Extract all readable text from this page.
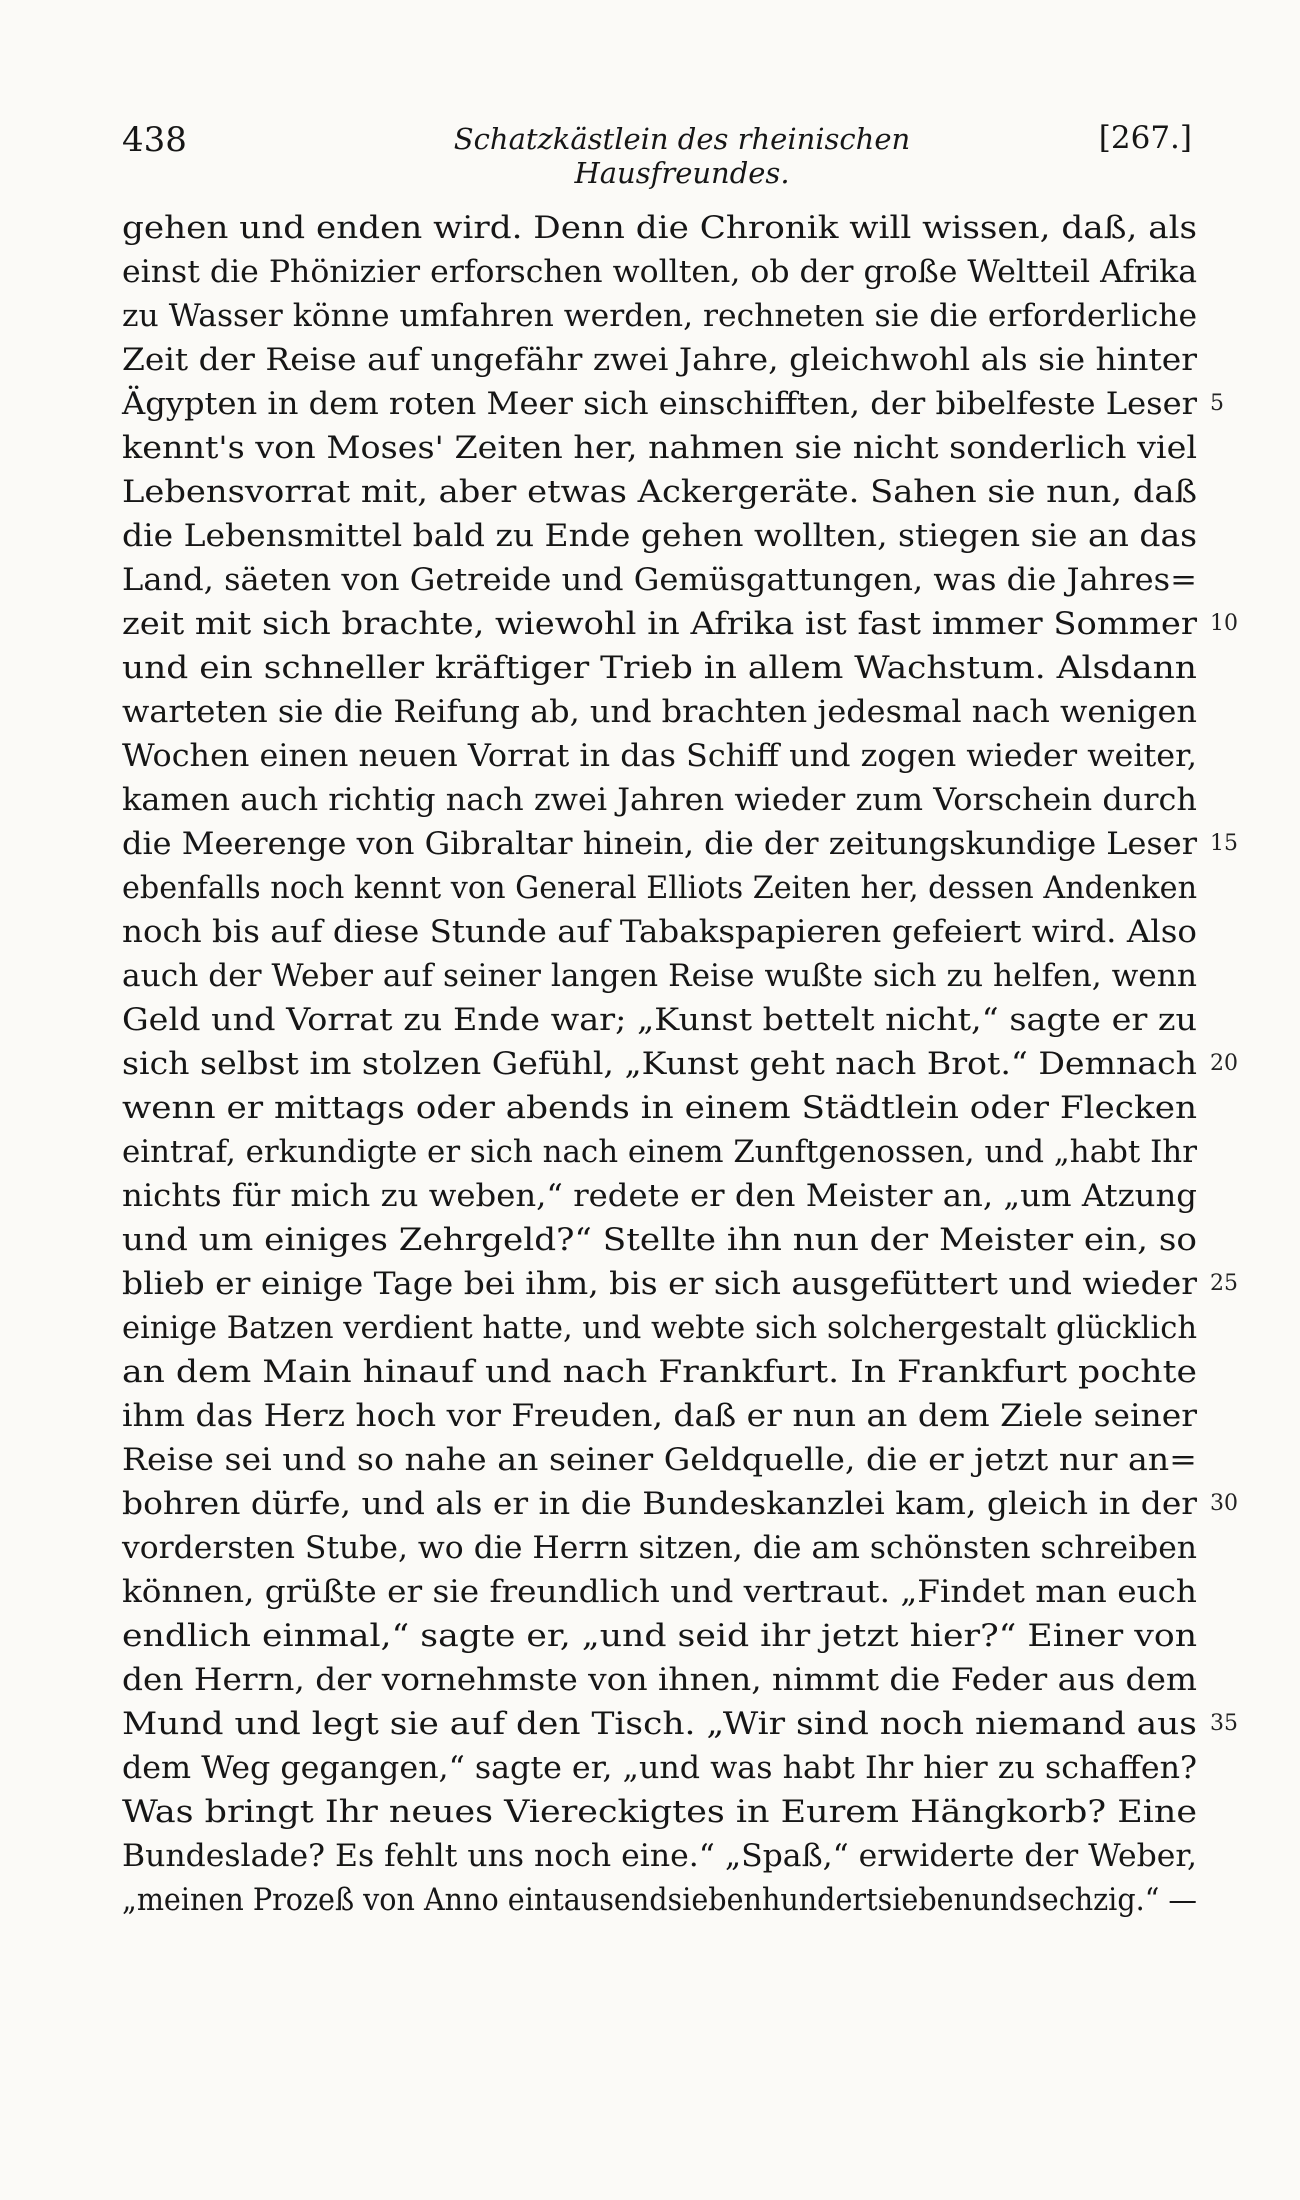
438	Schatzkästlein des rheinischen Hausfreundes.
[267.]
gehen und enden wird. Denn die Chronik will wissen, daß, als
einst die Phönizier erforschen wollten, ob der große Weltteil Afrika
zu Wasser könne umfahren werden, rechneten sie die erforderliche
Zeit der Reise auf ungefähr zwei Jahre, gleichwohl als sie hinter
Ägypten in dem roten Meer sich einschifften, der bibelfeste Leser 5
kennt's von Moses' Zeiten her, nahmen sie nicht sonderlich viel
Lebensvorrat mit, aber etwas Ackergeräte. Sahen sie nun, daß
die Lebensmittel bald zu Ende gehen wollten, stiegen sie an das
Land, säeten von Getreide und Gemüsgattungen, was die Jahres=
zeit mit sich brachte, wiewohl in Afrika ist fast immer Sommer 10
und ein schneller kräftiger Trieb in allem Wachstum. Alsdann
warteten sie die Reifung ab, und brachten jedesmal nach wenigen
Wochen einen neuen Vorrat in das Schiff und zogen wieder weiter,
kamen auch richtig nach zwei Jahren wieder zum Vorschein durch
die Meerenge von Gibraltar hinein, die der zeitungskundige Leser 15
ebenfalls noch kennt von General Elliots Zeiten her, dessen Andenken
noch bis auf diese Stunde auf Tabakspapieren gefeiert wird. Also
auch der Weber auf seiner langen Reise wußte sich zu helfen, wenn
Geld und Vorrat zu Ende war; „Kunst bettelt nicht,“ sagte er zu
sich selbst im stolzen Gefühl, „Kunst geht nach Brot.“ Demnach 20
wenn er mittags oder abends in einem Städtlein oder Flecken
eintraf, erkundigte er sich nach einem Zunftgenossen, und „habt Ihr
nichts für mich zu weben,“ redete er den Meister an, „um Atzung
und um einiges Zehrgeld?“ Stellte ihn nun der Meister ein, so
blieb er einige Tage bei ihm, bis er sich ausgefüttert und wieder 25
einige Batzen verdient hatte, und webte sich solchergestalt glücklich
an dem Main hinauf und nach Frankfurt. In Frankfurt pochte
ihm das Herz hoch vor Freuden, daß er nun an dem Ziele seiner
Reise sei und so nahe an seiner Geldquelle, die er jetzt nur an=
bohren dürfe, und als er in die Bundeskanzlei kam, gleich in der 30
vordersten Stube, wo die Herrn sitzen, die am schönsten schreiben
können, grüßte er sie freundlich und vertraut. „Findet man euch
endlich einmal,“ sagte er, „und seid ihr jetzt hier?“ Einer von
den Herrn, der vornehmste von ihnen, nimmt die Feder aus dem
Mund und legt sie auf den Tisch. „Wir sind noch niemand aus 35
dem Weg gegangen,“ sagte er, „und was habt Ihr hier zu schaffen?
Was bringt Ihr neues Viereckigtes in Eurem Hängkorb? Eine
Bundeslade? Es fehlt uns noch eine.“ „Spaß,“ erwiderte der Weber,
„meinen Prozeß von Anno eintausendsiebenhundertsiebenundsechzig.“ —
